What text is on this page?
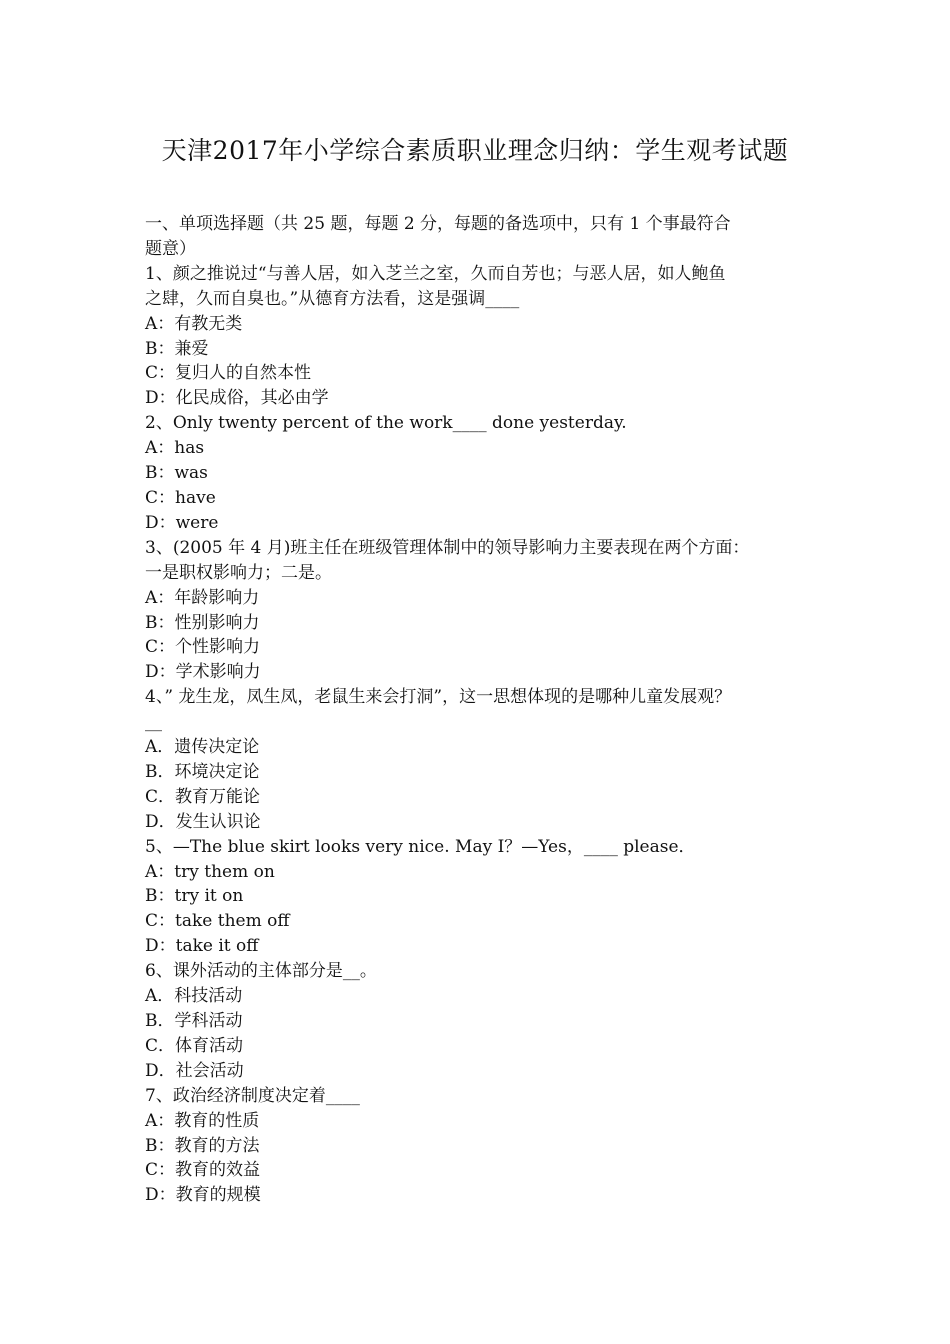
天津2017年小学综合素质职业理念归纳：学生观考试题
一、单项选择题（共 25 题，每题 2 分，每题的备选项中，只有 1 个事最符合
题意）
1、颜之推说过“与善人居，如入芝兰之室，久而自芳也；与恶人居，如人鲍鱼
之肆，久而自臭也。”从德育方法看，这是强调____
A：有教无类
B：兼爱
C：复归人的自然本性
D：化民成俗，其必由学
2、Only twenty percent of the work____ done yesterday.
A：has
B：was
C：have
D：were
3、(2005 年 4 月)班主任在班级管理体制中的领导影响力主要表现在两个方面：
一是职权影响力；二是。
A：年龄影响力
B：性别影响力
C：个性影响力
D：学术影响力
4、” 龙生龙，凤生凤，老鼠生来会打洞”，这一思想体现的是哪种儿童发展观？
__
A．遗传决定论
B．环境决定论
C．教育万能论
D．发生认识论
5、—The blue skirt looks very nice. May I？—Yes，____ please．
A：try them on
B：try it on
C：take them off
D：take it off
6、课外活动的主体部分是__。
A．科技活动
B．学科活动
C．体育活动
D．社会活动
7、政治经济制度决定着____
A：教育的性质
B：教育的方法
C：教育的效益
D：教育的规模
